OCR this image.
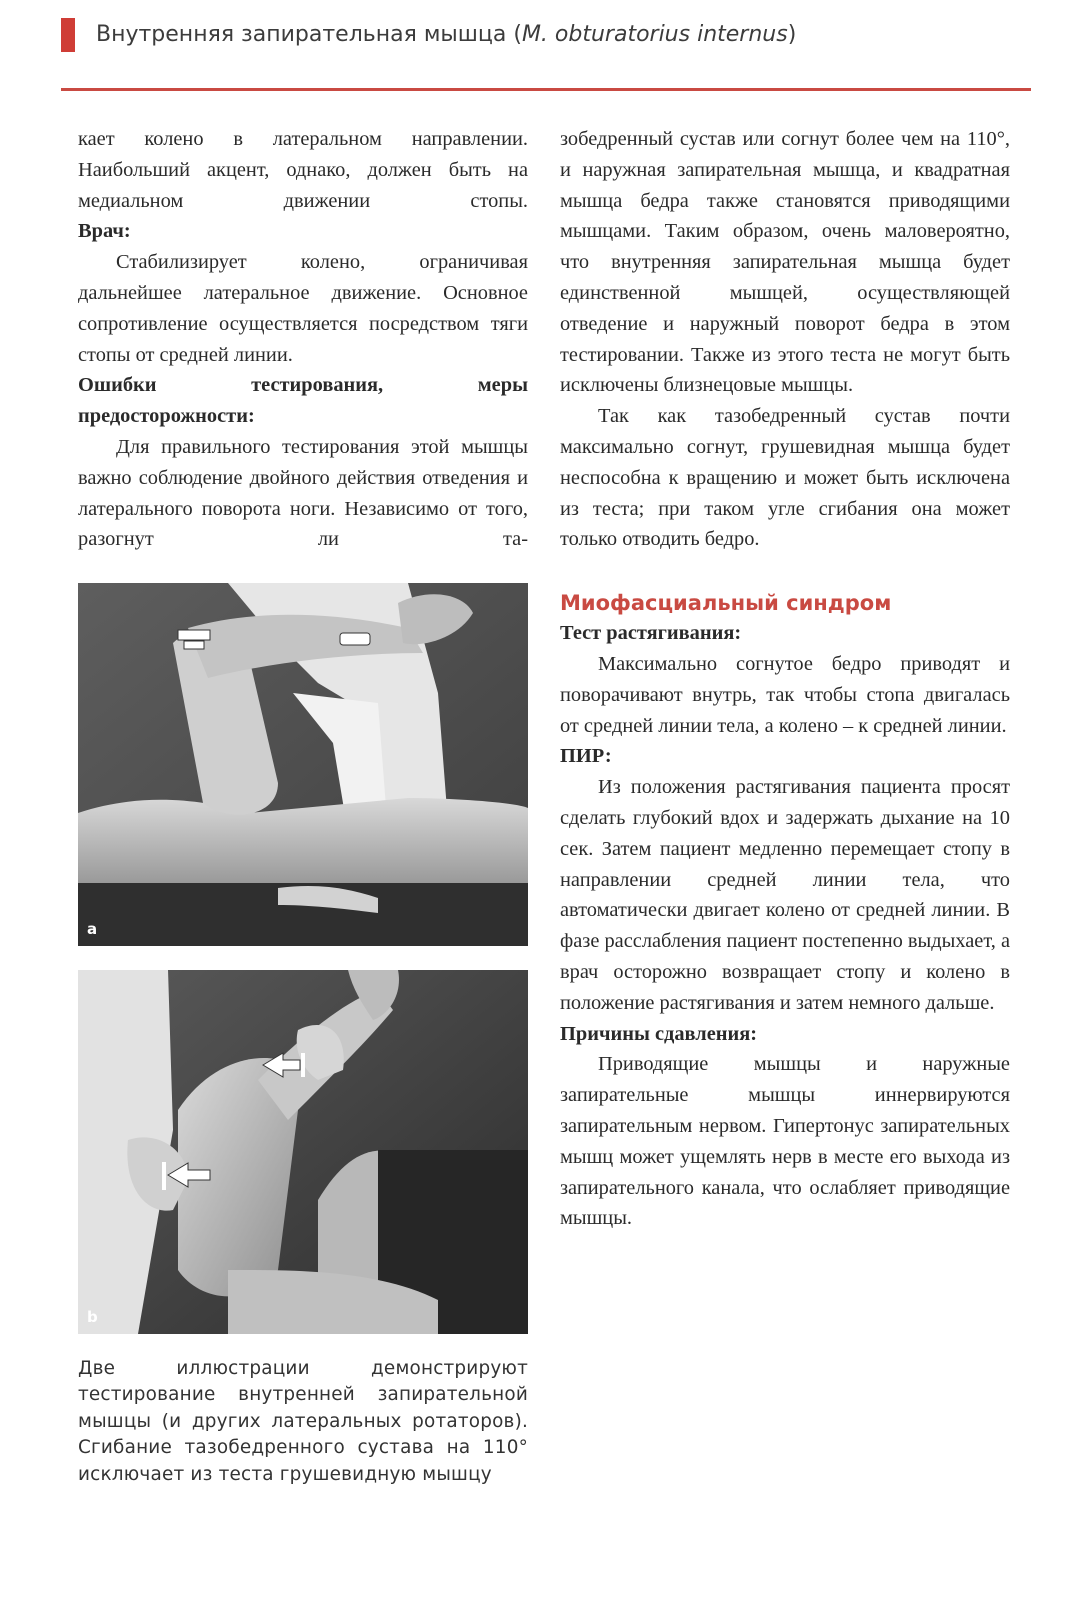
Внутренняя запирательная мышца (M. obturatorius internus)

кает колено в латеральном направлении. Наибольший акцент, однако, должен быть на медиальном движении стопы.

Врач:

Стабилизирует колено, ограничивая дальнейшее латеральное движение. Основное сопротивление осуществляется посредством тяги стопы от средней линии.

Ошибки тестирования, меры предосторожности:

Для правильного тестирования этой мышцы важно соблюдение двойного действия отведения и латерального поворота ноги. Независимо от того, разогнут ли та-

a
b
Две иллюстрации демонстрируют тестирование внутренней запирательной мышцы (и других латеральных ротаторов). Сгибание тазобедренного сустава на 110° исключает из теста грушевидную мышцу

зобедренный сустав или согнут более чем на 110°, и наружная запирательная мышца, и квадратная мышца бедра также становятся приводящими мышцами. Таким образом, очень маловероятно, что внутренняя запирательная мышца будет единственной мышцей, осуществляющей отведение и наружный поворот бедра в этом тестировании. Также из этого теста не могут быть исключены близнецовые мышцы.

Так как тазобедренный сустав почти максимально согнут, грушевидная мышца будет неспособна к вращению и может быть исключена из теста; при таком угле сгибания она может только отводить бедро.

Миофасциальный синдром
Тест растягивания:

Максимально согнутое бедро приводят и поворачивают внутрь, так чтобы стопа двигалась от средней линии тела, а колено – к средней линии.

ПИР:

Из положения растягивания пациента просят сделать глубокий вдох и задержать дыхание на 10 сек. Затем пациент медленно перемещает стопу в направлении средней линии тела, что автоматически двигает колено от средней линии. В фазе расслабления пациент постепенно выдыхает, а врач осторожно возвращает стопу и колено в положение растягивания и затем немного дальше.

Причины сдавления:

Приводящие мышцы и наружные запирательные мышцы иннервируются запирательным нервом. Гипертонус запирательных мышц может ущемлять нерв в месте его выхода из запирательного канала, что ослабляет приводящие мышцы.
